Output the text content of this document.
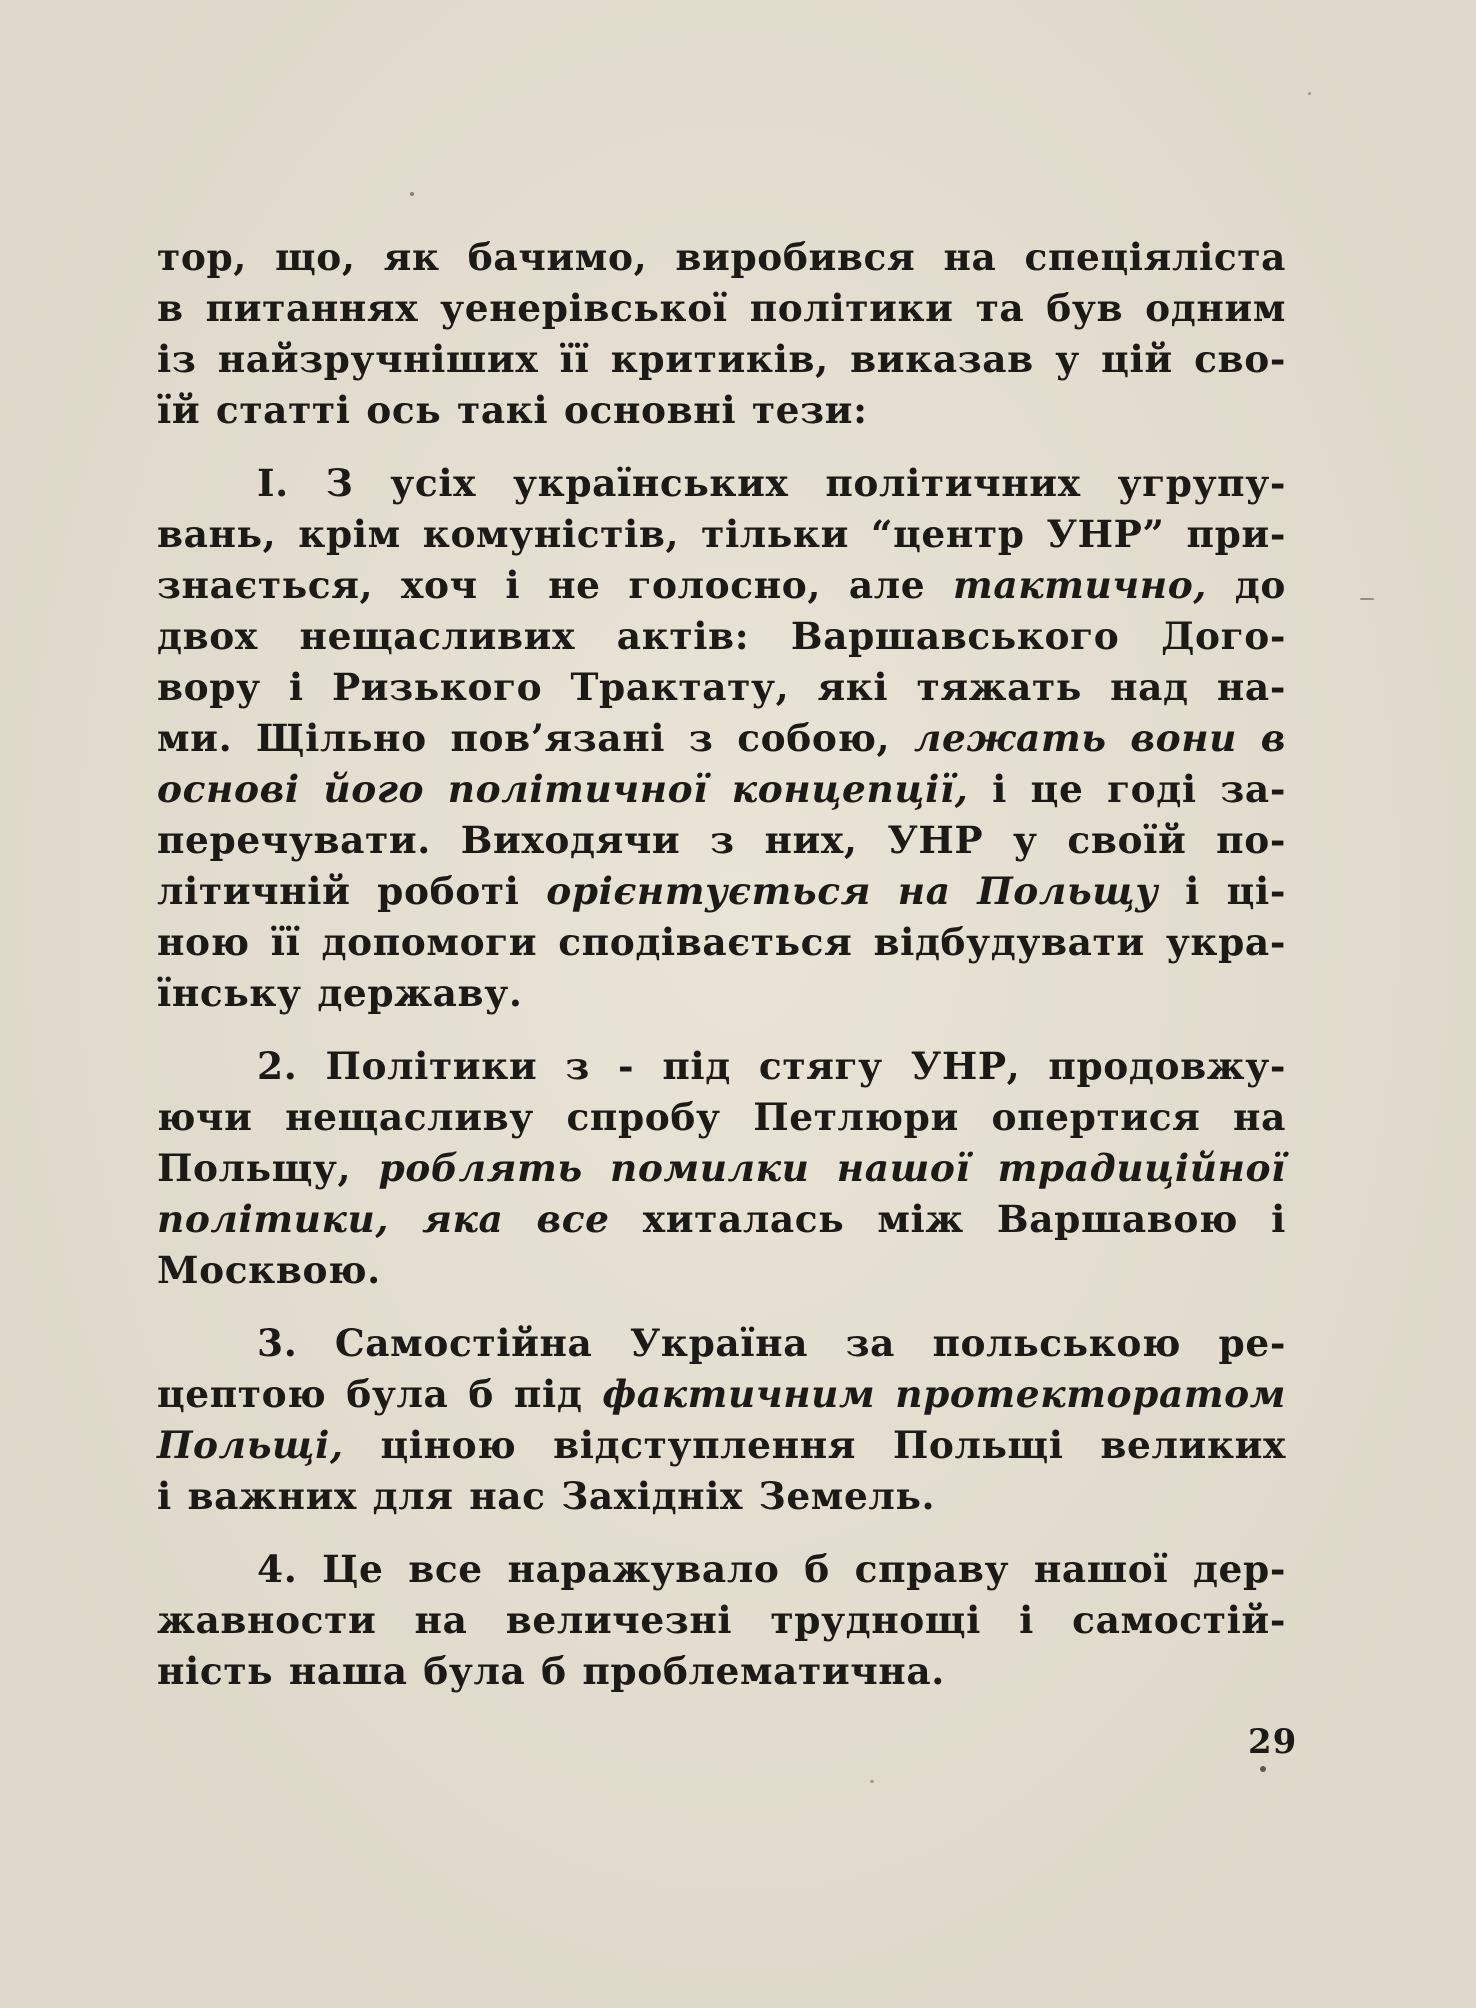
тор, що, як бачимо, виробився на спеціяліста
в питаннях уенерівської політики та був одним
із найзручніших її критиків, виказав у цій сво-
їй статті ось такі основні тези:

І. З усіх українських політичних угрупу-
вань, крім комуністів, тільки “центр УНР” при-
знається, хоч і не голосно, але тактично, до
двох нещасливих актів: Варшавського Дого-
вору і Ризького Трактату, які тяжать над на-
ми. Щільно пов’язані з собою, лежать вони в
основі його політичної концепції, і це годі за-
перечувати. Виходячи з них, УНР у своїй по-
літичній роботі орієнтується на Польщу і ці-
ною її допомоги сподівається відбудувати укра-
їнську державу.

2. Політики з - під стягу УНР, продовжу-
ючи нещасливу спробу Петлюри опертися на
Польщу, роблять помилки нашої традиційної
політики, яка все хиталась між Варшавою і
Москвою.

3. Самостійна Україна за польською ре-
цептою була б під фактичним протекторатом
Польщі, ціною відступлення Польщі великих
і важних для нас Західніх Земель.

4. Це все наражувало б справу нашої дер-
жавности на величезні труднощі і самостій-
ність наша була б проблематична.

29
